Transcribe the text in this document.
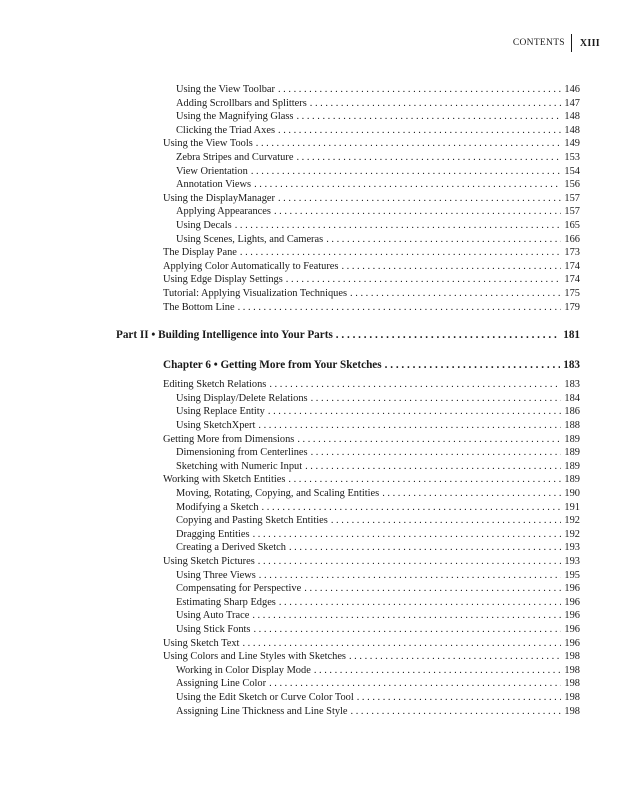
CONTENTS	XIII
Using the View Toolbar . . .	146
Adding Scrollbars and Splitters . . .	147
Using the Magnifying Glass . . .	148
Clicking the Triad Axes . . .	148
Using the View Tools . . .	149
Zebra Stripes and Curvature . . .	153
View Orientation . . .	154
Annotation Views . . .	156
Using the DisplayManager . . .	157
Applying Appearances . . .	157
Using Decals . . .	165
Using Scenes, Lights, and Cameras . . .	166
The Display Pane . . .	173
Applying Color Automatically to Features . . .	174
Using Edge Display Settings . . .	174
Tutorial: Applying Visualization Techniques . . .	175
The Bottom Line . . .	179
Part II • Building Intelligence into Your Parts . . .	181
Chapter 6 • Getting More from Your Sketches . . .	183
Editing Sketch Relations . . .	183
Using Display/Delete Relations . . .	184
Using Replace Entity . . .	186
Using SketchXpert . . .	188
Getting More from Dimensions . . .	189
Dimensioning from Centerlines . . .	189
Sketching with Numeric Input . . .	189
Working with Sketch Entities . . .	189
Moving, Rotating, Copying, and Scaling Entities . . .	190
Modifying a Sketch . . .	191
Copying and Pasting Sketch Entities . . .	192
Dragging Entities . . .	192
Creating a Derived Sketch . . .	193
Using Sketch Pictures . . .	193
Using Three Views . . .	195
Compensating for Perspective . . .	196
Estimating Sharp Edges . . .	196
Using Auto Trace . . .	196
Using Stick Fonts . . .	196
Using Sketch Text . . .	196
Using Colors and Line Styles with Sketches . . .	198
Working in Color Display Mode . . .	198
Assigning Line Color . . .	198
Using the Edit Sketch or Curve Color Tool . . .	198
Assigning Line Thickness and Line Style . . .	198
